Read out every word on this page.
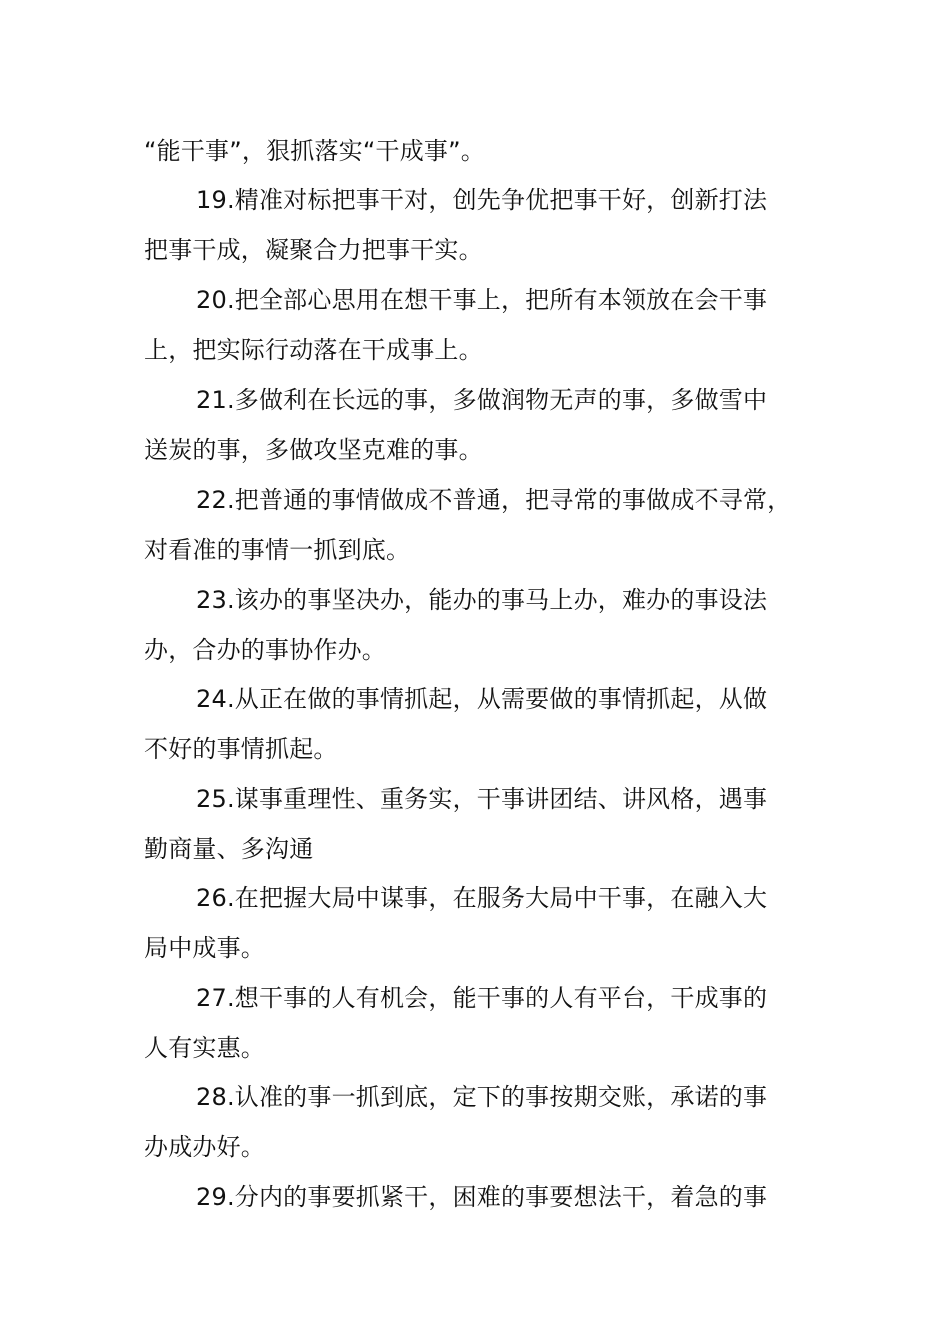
“能干事”，狠抓落实“干成事”。
19.精准对标把事干对，创先争优把事干好，创新打法
把事干成，凝聚合力把事干实。
20.把全部心思用在想干事上，把所有本领放在会干事
上，把实际行动落在干成事上。
21.多做利在长远的事，多做润物无声的事，多做雪中
送炭的事，多做攻坚克难的事。
22.把普通的事情做成不普通，把寻常的事做成不寻常，
对看准的事情一抓到底。
23.该办的事坚决办，能办的事马上办，难办的事设法
办，合办的事协作办。
24.从正在做的事情抓起，从需要做的事情抓起，从做
不好的事情抓起。
25.谋事重理性、重务实，干事讲团结、讲风格，遇事
勤商量、多沟通
26.在把握大局中谋事，在服务大局中干事，在融入大
局中成事。
27.想干事的人有机会，能干事的人有平台，干成事的
人有实惠。
28.认准的事一抓到底，定下的事按期交账，承诺的事
办成办好。
29.分内的事要抓紧干，困难的事要想法干，着急的事
